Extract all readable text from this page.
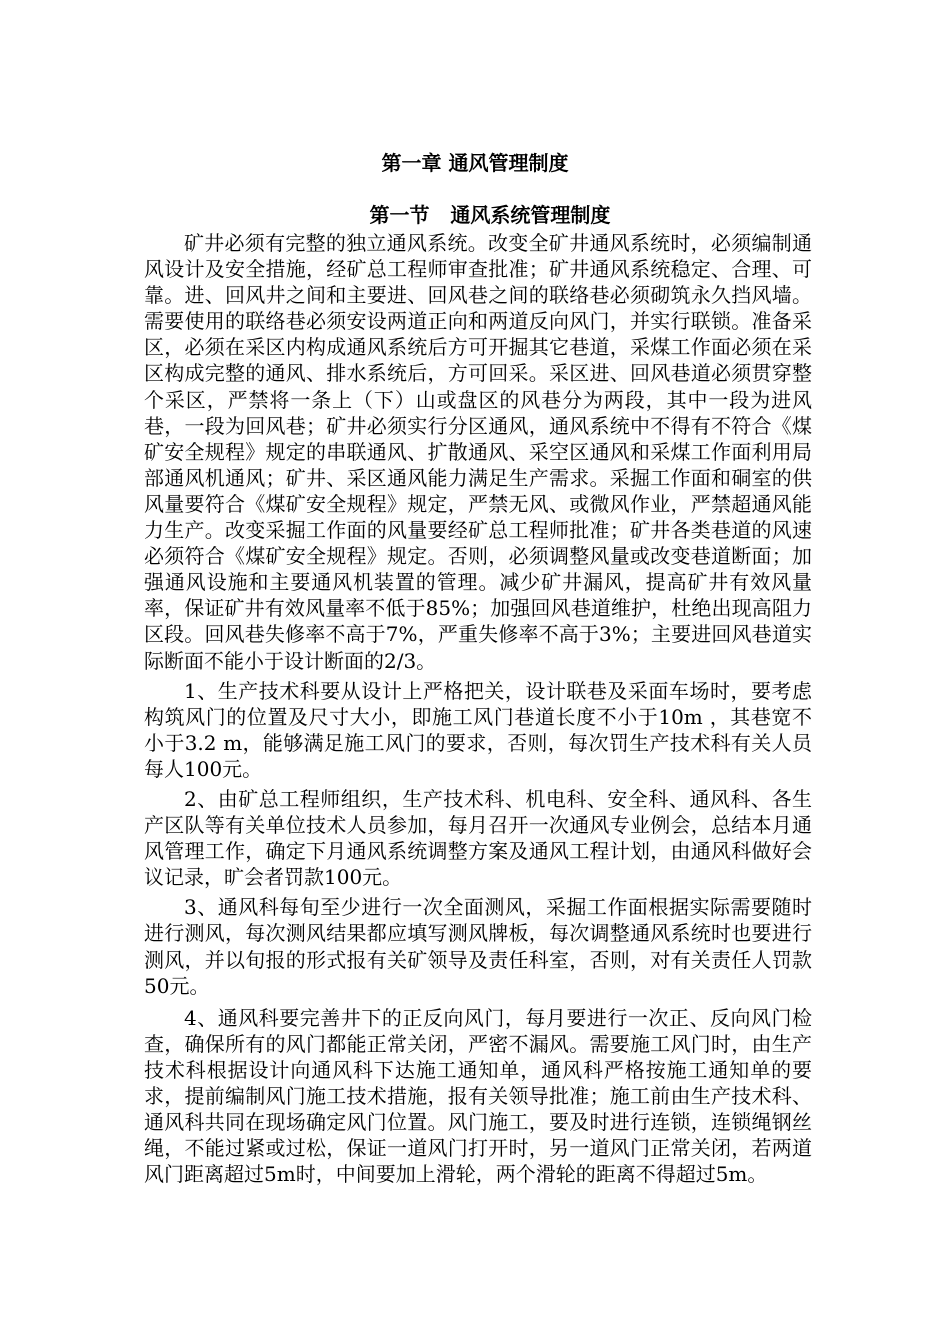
第一章 通风管理制度
第一节   通风系统管理制度

矿井必须有完整的独立通风系统。改变全矿井通风系统时，必须编制通风设计及安全措施，经矿总工程师审查批准；矿井通风系统稳定、合理、可靠。进、回风井之间和主要进、回风巷之间的联络巷必须砌筑永久挡风墙。需要使用的联络巷必须安设两道正向和两道反向风门，并实行联锁。准备采区，必须在采区内构成通风系统后方可开掘其它巷道，采煤工作面必须在采区构成完整的通风、排水系统后，方可回采。采区进、回风巷道必须贯穿整个采区，严禁将一条上（下）山或盘区的风巷分为两段，其中一段为进风巷，一段为回风巷；矿井必须实行分区通风，通风系统中不得有不符合《煤矿安全规程》规定的串联通风、扩散通风、采空区通风和采煤工作面利用局部通风机通风；矿井、采区通风能力满足生产需求。采掘工作面和硐室的供风量要符合《煤矿安全规程》规定，严禁无风、或微风作业，严禁超通风能力生产。改变采掘工作面的风量要经矿总工程师批准；矿井各类巷道的风速必须符合《煤矿安全规程》规定。否则，必须调整风量或改变巷道断面；加强通风设施和主要通风机装置的管理。减少矿井漏风，提高矿井有效风量率，保证矿井有效风量率不低于85%；加强回风巷道维护，杜绝出现高阻力区段。回风巷失修率不高于7%，严重失修率不高于3%；主要进回风巷道实际断面不能小于设计断面的2/3。

1、生产技术科要从设计上严格把关，设计联巷及采面车场时，要考虑构筑风门的位置及尺寸大小，即施工风门巷道长度不小于10m ，其巷宽不小于3.2 m，能够满足施工风门的要求，否则，每次罚生产技术科有关人员每人100元。

2、由矿总工程师组织，生产技术科、机电科、安全科、通风科、各生产区队等有关单位技术人员参加，每月召开一次通风专业例会，总结本月通风管理工作，确定下月通风系统调整方案及通风工程计划，由通风科做好会议记录，旷会者罚款100元。

3、通风科每旬至少进行一次全面测风，采掘工作面根据实际需要随时进行测风，每次测风结果都应填写测风牌板，每次调整通风系统时也要进行测风，并以旬报的形式报有关矿领导及责任科室，否则，对有关责任人罚款50元。

4、通风科要完善井下的正反向风门，每月要进行一次正、反向风门检查，确保所有的风门都能正常关闭，严密不漏风。需要施工风门时，由生产技术科根据设计向通风科下达施工通知单，通风科严格按施工通知单的要求，提前编制风门施工技术措施，报有关领导批准；施工前由生产技术科、通风科共同在现场确定风门位置。风门施工，要及时进行连锁，连锁绳钢丝绳，不能过紧或过松，保证一道风门打开时，另一道风门正常关闭，若两道风门距离超过5m时，中间要加上滑轮，两个滑轮的距离不得超过5m。
